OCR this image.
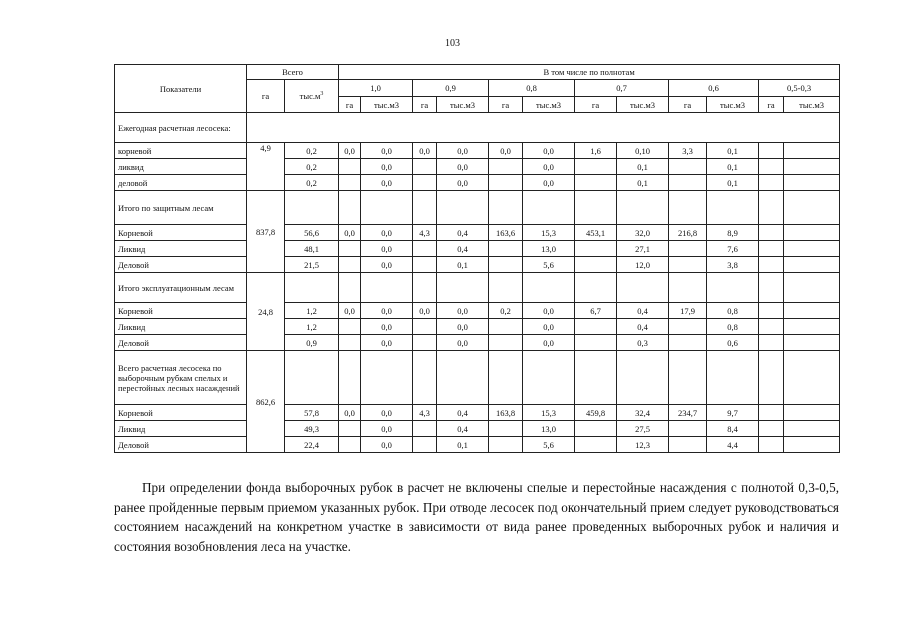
103
Показатели	Всего		В том числе по полнотам											
	га	$тыс.м^3$	1,0		0,9		0,8		0,7		0,6		0,5-0,3	
			га	тыс.м3	га	тыс.м3	га	тыс.м3	га	тыс.м3	га	тыс.м3	га	тыс.м3
Ежегодная расчетная лесосека:														
корневой	4,9	0,2	0,0	0,0	0,0	0,0	0,0	0,0	1,6	0,10	3,3	0,1		
ликвид		0,2		0,0		0,0		0,0		0,1		0,1		
деловой		0,2		0,0		0,0		0,0		0,1		0,1		
Итого по защитным лесам	837,8													
Корневой		56,6	0,0	0,0	4,3	0,4	163,6	15,3	453,1	32,0	216,8	8,9		
Ликвид		48,1		0,0		0,4		13,0		27,1		7,6		
Деловой		21,5		0,0		0,1		5,6		12,0		3,8		
Итого эксплуатационным лесам	24,8													
Корневой		1,2	0,0	0,0	0,0	0,0	0,2	0,0	6,7	0,4	17,9	0,8		
Ликвид		1,2		0,0		0,0		0,0		0,4		0,8		
Деловой		0,9		0,0		0,0		0,0		0,3		0,6		
Всего расчетная лесосека по выборочным рубкам спелых и перестойных лесных насаждений	862,6													
Корневой		57,8	0,0	0,0	4,3	0,4	163,8	15,3	459,8	32,4	234,7	9,7		
Ликвид		49,3		0,0		0,4		13,0		27,5		8,4		
Деловой		22,4		0,0		0,1		5,6		12,3		4,4		
При определении фонда выборочных рубок в расчет не включены спелые и перестойные насаждения с полнотой 0,3-0,5, ранее пройденные первым приемом указанных рубок. При отводе лесосек под окончательный прием следует руководствоваться состоянием насаждений на конкретном участке в зависимости от вида ранее проведенных выборочных рубок и наличия и состояния возобновления леса на участке.
